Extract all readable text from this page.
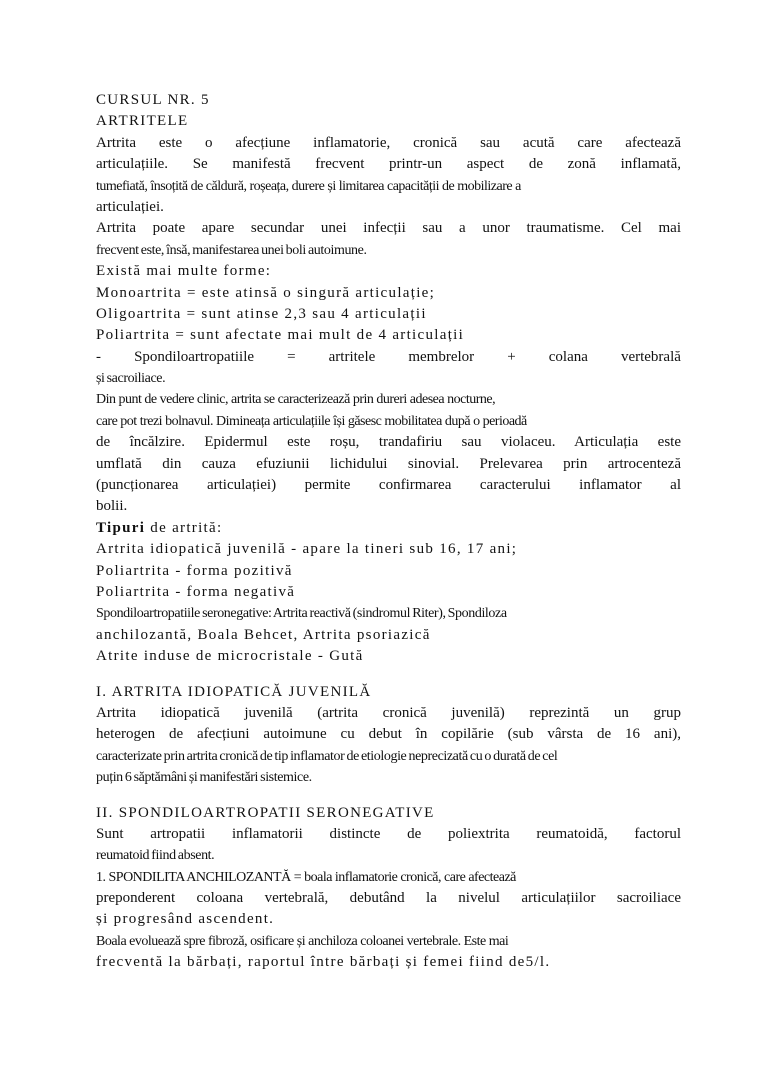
CURSUL NR. 5
ARTRITELE
Artrita este o afecțiune inflamatorie, cronică sau acută care afectează
articulațiile. Se manifestă frecvent printr-un aspect de zonă inflamată,
tumefiată, însoțită de căldură, roșeața, durere și limitarea capacității de mobilizare a
articulației.
Artrita poate apare secundar unei infecții sau a unor traumatisme. Cel mai
frecvent este, însă, manifestarea unei boli autoimune.
Există mai multe forme:
Monoartrita = este atinsă o singură articulație;
Oligoartrita = sunt atinse 2,3 sau 4 articulații
Poliartrita = sunt afectate mai mult de 4 articulații
- Spondiloartropatiile = artritele membrelor + colana vertebrală
și sacroiliace.
Din punt de vedere clinic, artrita se caracterizează prin dureri adesea nocturne,
care pot trezi bolnavul. Dimineața articulațiile își găsesc mobilitatea după o perioadă
de încălzire. Epidermul este roșu, trandafiriu sau violaceu. Articulația este
umflată din cauza efuziunii lichidului sinovial. Prelevarea prin artrocenteză
(puncționarea articulației) permite confirmarea caracterului inflamator al
bolii.
Tipuri de artrită:
Artrita idiopatică juvenilă - apare la tineri sub 16, 17 ani;
Poliartrita - forma pozitivă
Poliartrita - forma negativă
Spondiloartropatiile seronegative: Artrita reactivă (sindromul Riter), Spondiloza
anchilozantă, Boala Behcet, Artrita psoriazică
Atrite induse de microcristale - Gută
I. ARTRITA IDIOPATICĂ JUVENILĂ
Artrita idiopatică juvenilă (artrita cronică juvenilă) reprezintă un grup
heterogen de afecțiuni autoimune cu debut în copilărie (sub vârsta de 16 ani),
caracterizate prin artrita cronică de tip inflamator de etiologie neprecizată cu o durată de cel
puțin 6 săptămâni și manifestări sistemice.
II. SPONDILOARTROPATII SERONEGATIVE
Sunt artropatii inflamatorii distincte de poliextrita reumatoidă, factorul
reumatoid fiind absent.
1. SPONDILITA ANCHILOZANTĂ = boala inflamatorie cronică, care afectează
preponderent coloana vertebrală, debutând la nivelul articulațiilor sacroiliace
și progresând ascendent.
Boala evoluează spre fibroză, osificare și anchiloza coloanei vertebrale. Este mai
frecventă la bărbați, raportul între bărbați și femei fiind de5/l.
